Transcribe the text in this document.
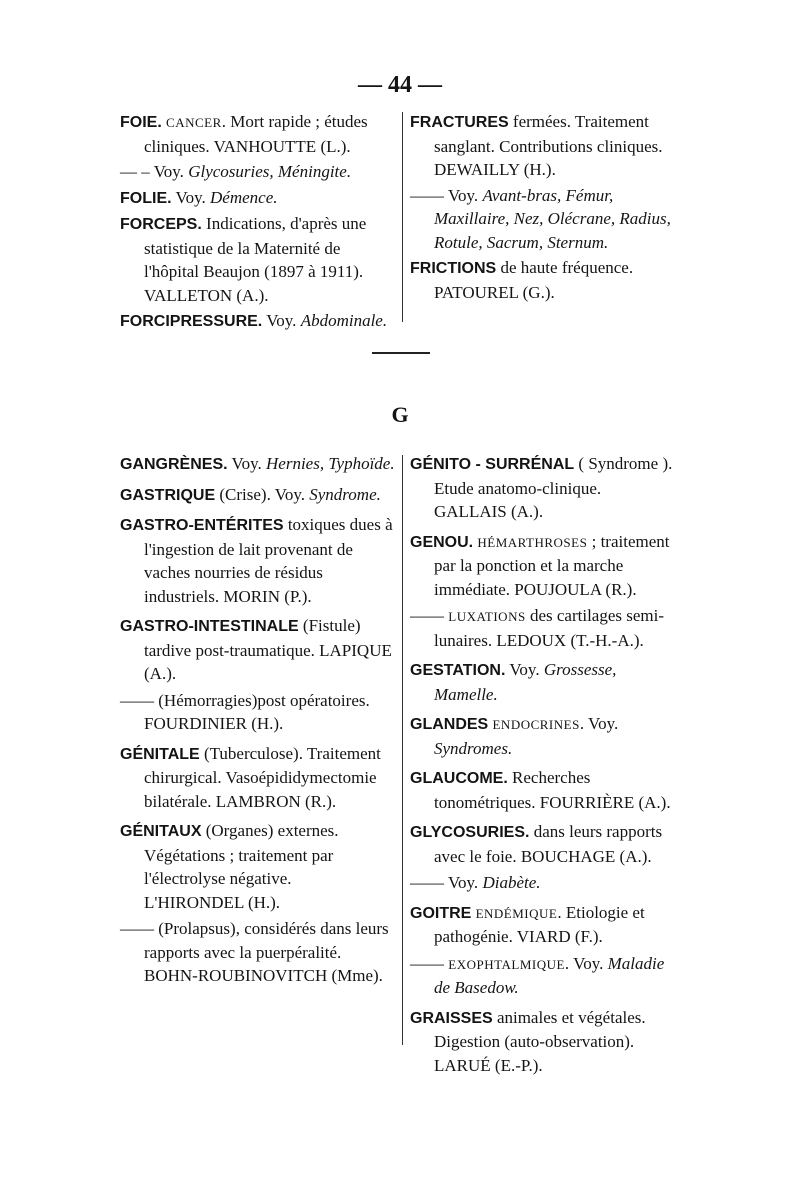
— 44 —
FOIE. CANCER. Mort rapide ; études cliniques. VANHOUTTE (L.).
— – Voy. Glycosuries, Méningite.
FOLIE. Voy. Démence.
FORCEPS. Indications, d'après une statistique de la Maternité de l'hôpital Beaujon (1897 à 1911). VALLETON (A.).
FORCIPRESSURE. Voy. Abdominale.
FRACTURES fermées. Traitement sanglant. Contributions cliniques. DEWAILLY (H.).
—— Voy. Avant-bras, Fémur, Maxillaire, Nez, Olécrane, Radius, Rotule, Sacrum, Sternum.
FRICTIONS de haute fréquence. PATOUREL (G.).
G
GANGRÈNES. Voy. Hernies, Typhoïde.
GASTRIQUE (Crise). Voy. Syndrome.
GASTRO-ENTÉRITES toxiques dues à l'ingestion de lait provenant de vaches nourries de résidus industriels. MORIN (P.).
GASTRO-INTESTINALE (Fistule) tardive post-traumatique. LAPIQUE (A.).
—— (Hémorragies)post opératoires. FOURDINIER (H.).
GÉNITALE (Tuberculose). Traitement chirurgical. Vasoépididymectomie bilatérale. LAMBRON (R.).
GÉNITAUX (Organes) externes. Végétations ; traitement par l'électrolyse négative. L'HIRONDEL (H.).
—— (Prolapsus), considérés dans leurs rapports avec la puerpéralité. BOHN-ROUBINOVITCH (Mme).
GÉNITO - SURRÉNAL ( Syndrome ). Etude anatomo-clinique. GALLAIS (A.).
GENOU. HÉMARTHROSES ; traitement par la ponction et la marche immédiate. POUJOULA (R.).
—— LUXATIONS des cartilages semi-lunaires. LEDOUX (T.-H.-A.).
GESTATION. Voy. Grossesse, Mamelle.
GLANDES ENDOCRINES. Voy. Syndromes.
GLAUCOME. Recherches tonométriques. FOURRIÈRE (A.).
GLYCOSURIES. dans leurs rapports avec le foie. BOUCHAGE (A.).
—— Voy. Diabète.
GOITRE ENDÉMIQUE. Etiologie et pathogénie. VIARD (F.).
—— EXOPHTALMIQUE. Voy. Maladie de Basedow.
GRAISSES animales et végétales. Digestion (auto-observation). LARUÉ (E.-P.).
